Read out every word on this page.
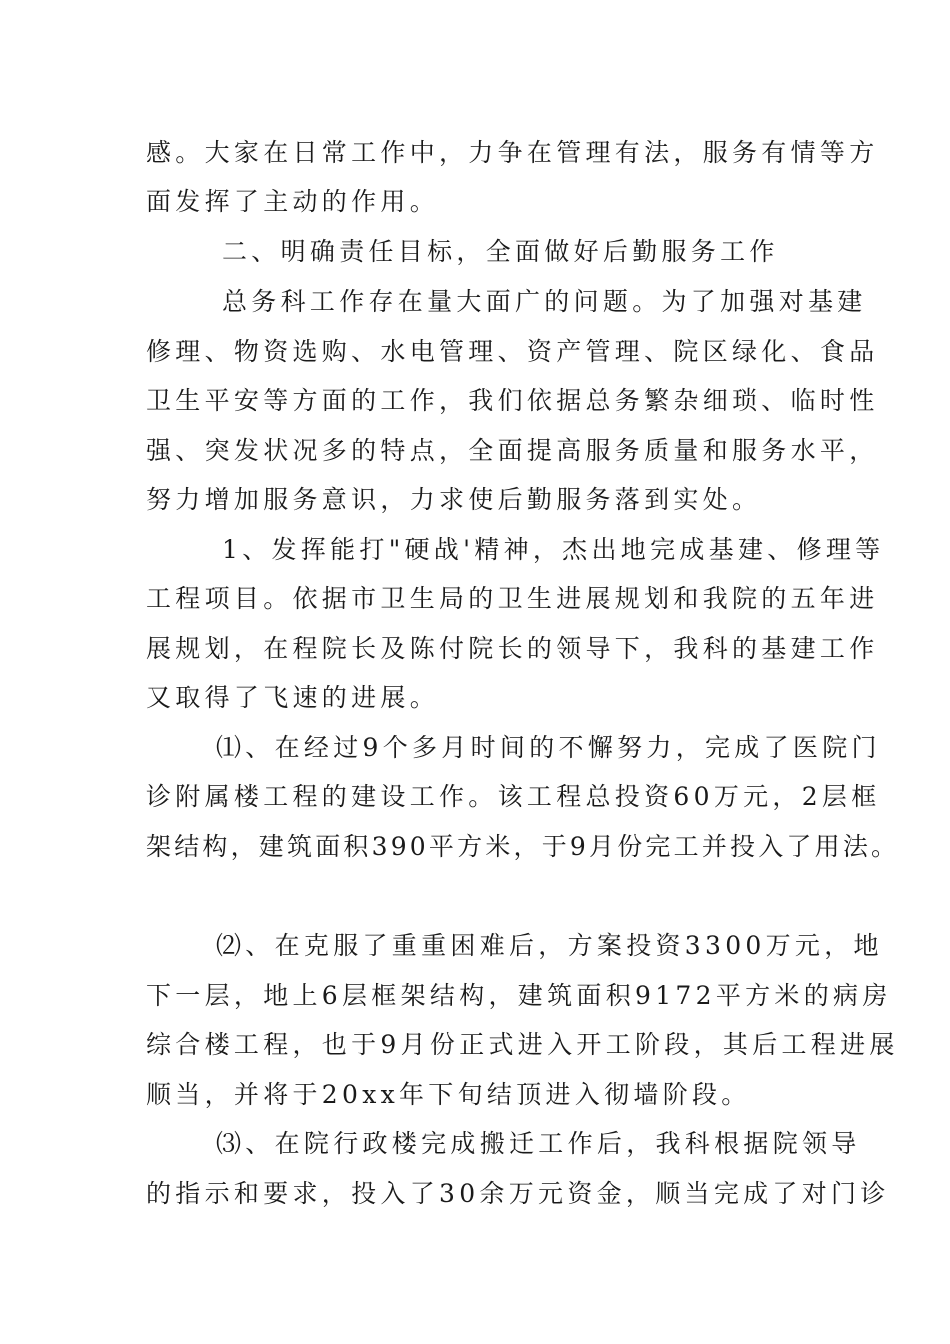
感。大家在日常工作中，力争在管理有法，服务有情等方
面发挥了主动的作用。
二、明确责任目标，全面做好后勤服务工作
总务科工作存在量大面广的问题。为了加强对基建
修理、物资选购、水电管理、资产管理、院区绿化、食品
卫生平安等方面的工作，我们依据总务繁杂细琐、临时性
强、突发状况多的特点，全面提高服务质量和服务水平，
努力增加服务意识，力求使后勤服务落到实处。
1、发挥能打"硬战'精神，杰出地完成基建、修理等
工程项目。依据市卫生局的卫生进展规划和我院的五年进
展规划，在程院长及陈付院长的领导下，我科的基建工作
又取得了飞速的进展。
⑴、在经过9个多月时间的不懈努力，完成了医院门
诊附属楼工程的建设工作。该工程总投资60万元，2层框
架结构，建筑面积390平方米，于9月份完工并投入了用法。
⑵、在克服了重重困难后，方案投资3300万元，地
下一层，地上6层框架结构，建筑面积9172平方米的病房
综合楼工程，也于9月份正式进入开工阶段，其后工程进展
顺当，并将于20xx年下旬结顶进入彻墙阶段。
⑶、在院行政楼完成搬迁工作后，我科根据院领导
的指示和要求，投入了30余万元资金，顺当完成了对门诊
